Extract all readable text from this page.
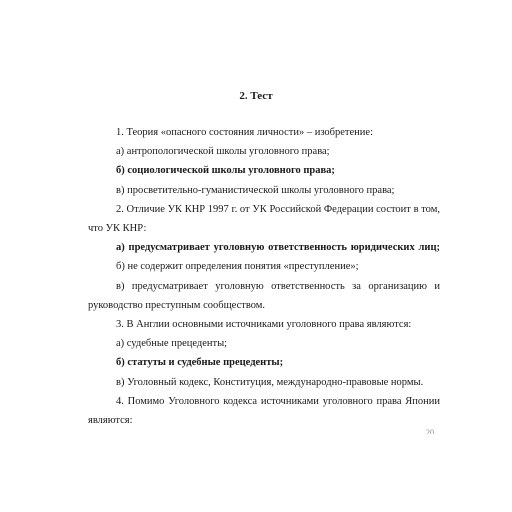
2. Тест

1. Теория «опасного состояния личности» – изобретение:

а) антропологической школы уголовного права;

б) социологической школы уголовного права;

в) просветительно-гуманистической школы уголовного права;

2. Отличие УК КНР 1997 г. от УК Российской Федерации состоит в том,

что УК КНР:

а) предусматривает уголовную ответственность юридических лиц;

б) не содержит определения понятия «преступление»;

в) предусматривает уголовную ответственность за организацию и

руководство преступным сообществом.

3. В Англии основными источниками уголовного права являются:

а) судебные прецеденты;

б) статуты и судебные прецеденты;

в) Уголовный кодекс, Конституция, международно-правовые нормы.

4. Помимо Уголовного кодекса источниками уголовного права Японии

являются:

20
